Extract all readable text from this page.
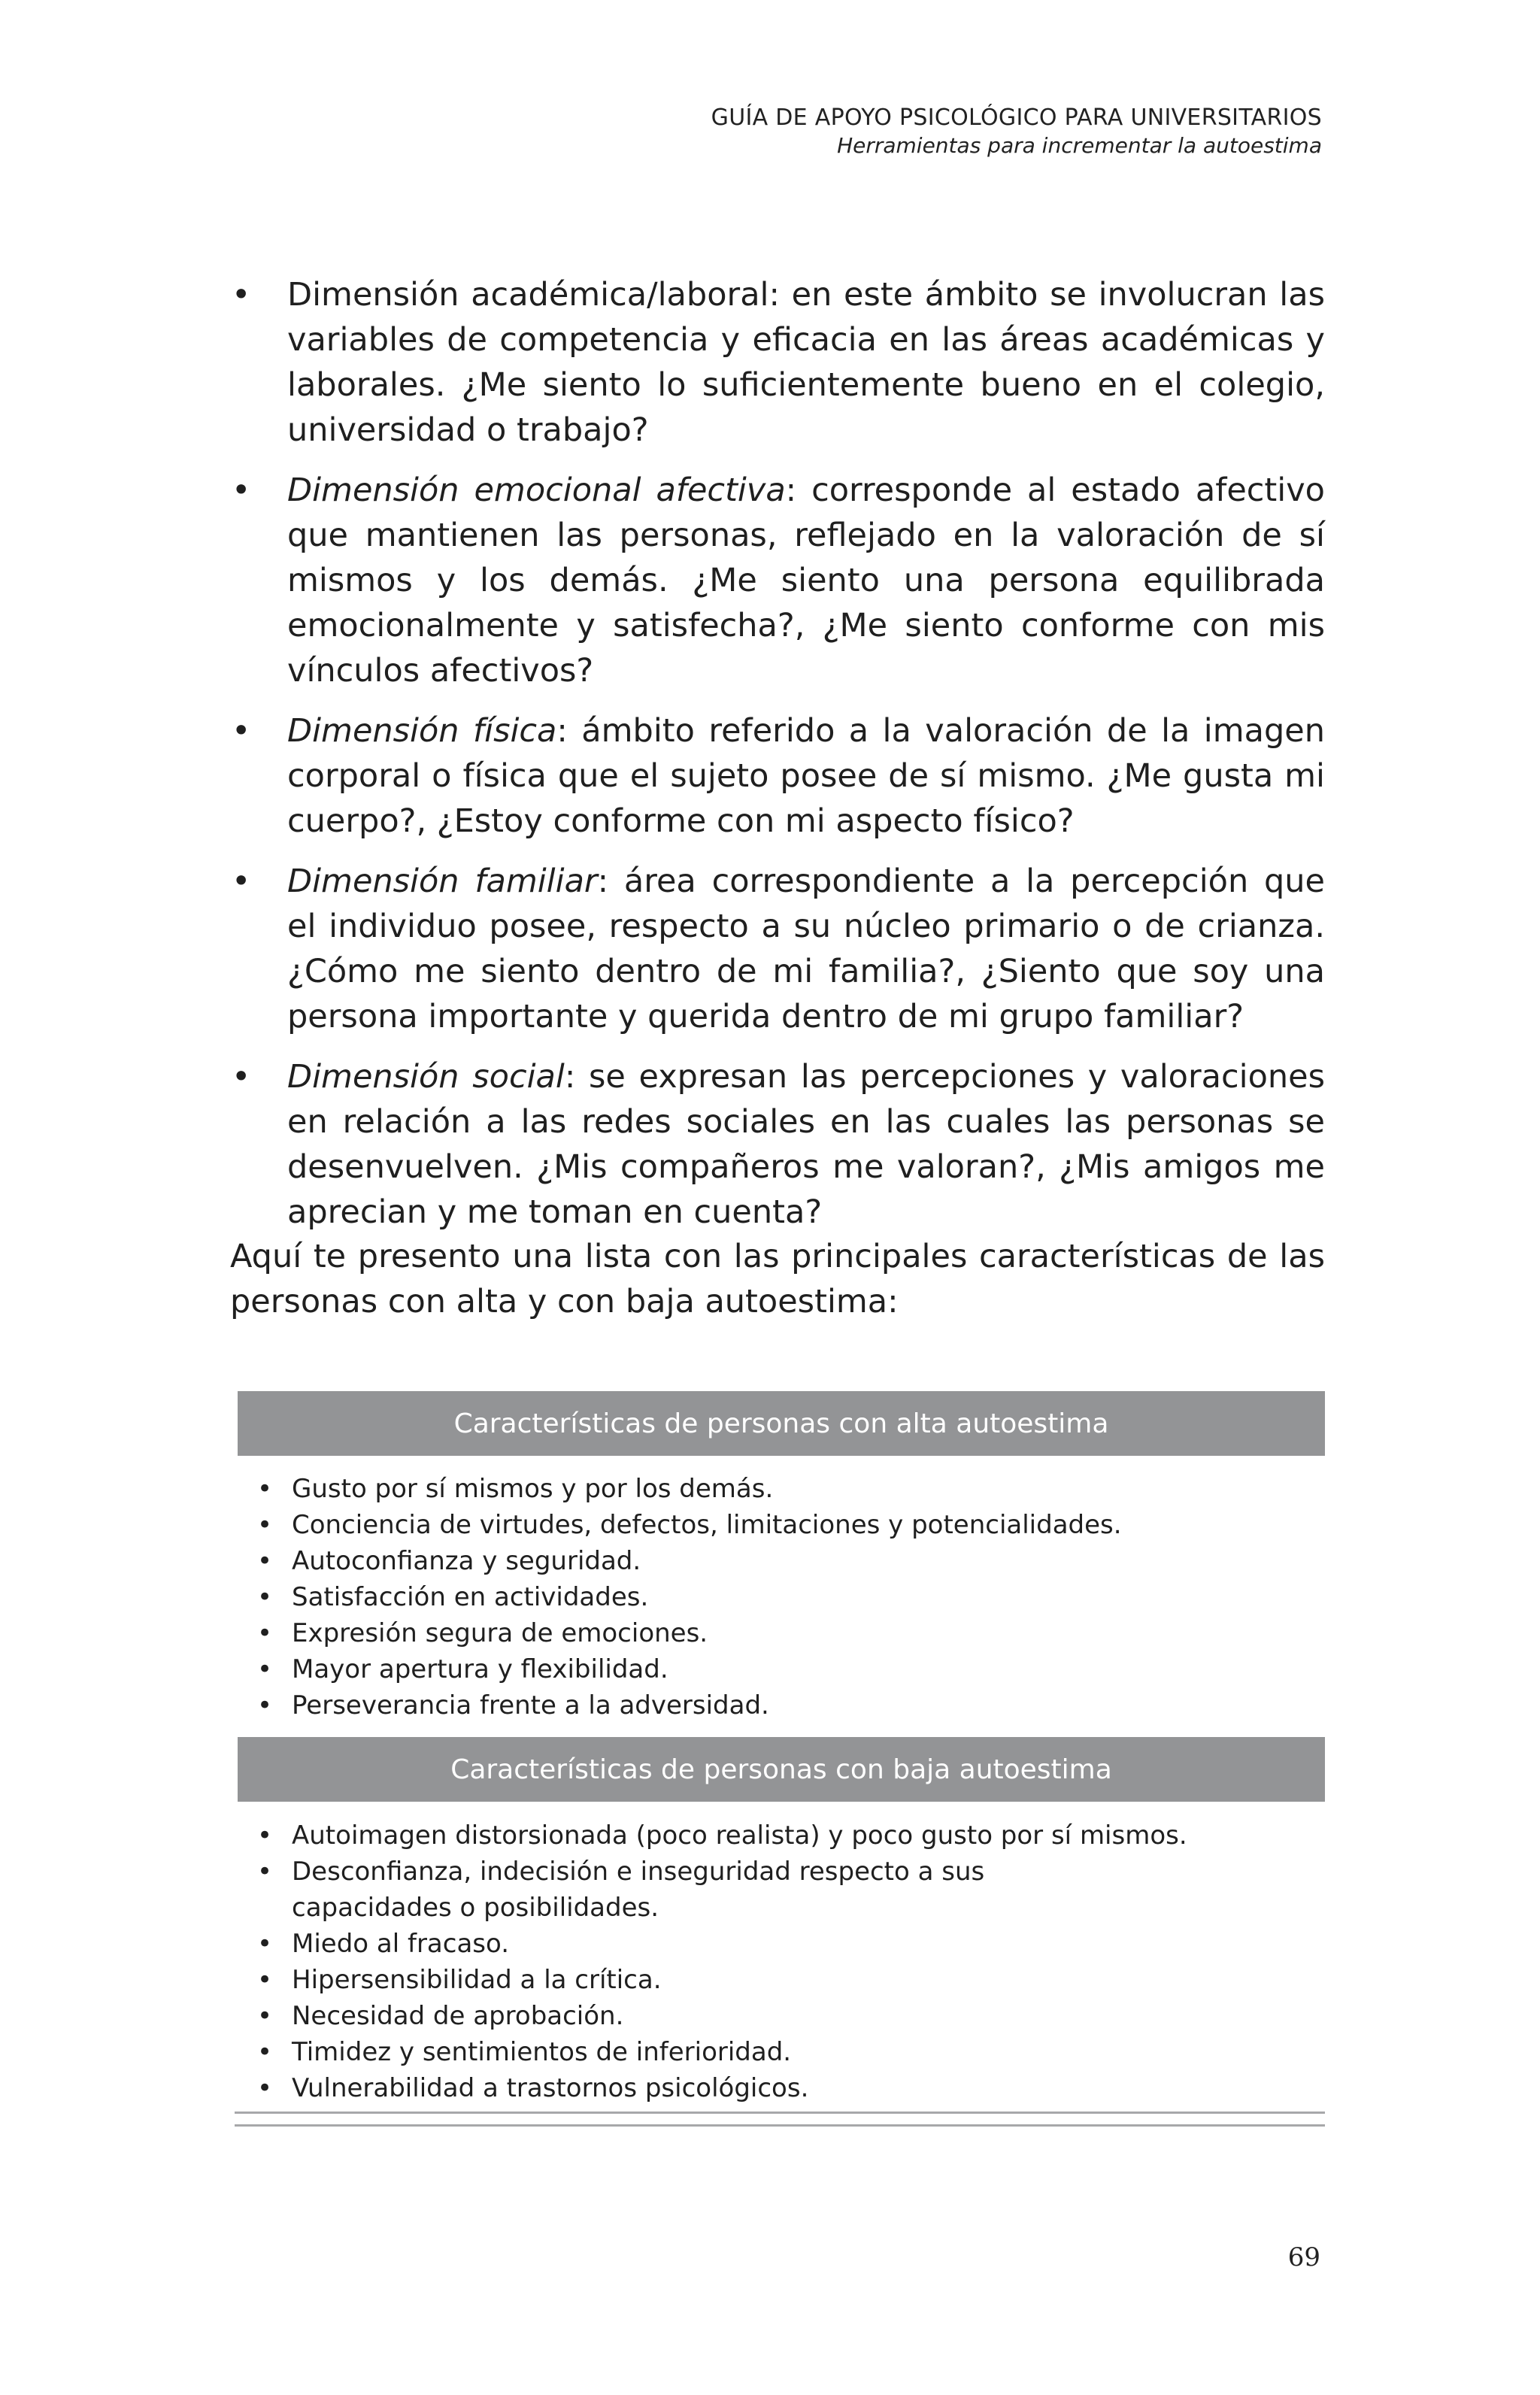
GUÍA DE APOYO PSICOLÓGICO PARA UNIVERSITARIOS
Herramientas para incrementar la autoestima
• Dimensión académica/laboral: en este ámbito se involucran las variables de competencia y eficacia en las áreas académicas y laborales. ¿Me siento lo suficientemente bueno en el colegio, universidad o trabajo?
• Dimensión emocional afectiva: corresponde al estado afectivo que mantienen las personas, reflejado en la valoración de sí mismos y los demás. ¿Me siento una persona equilibrada emocionalmente y satisfecha?, ¿Me siento conforme con mis vínculos afectivos?
• Dimensión física: ámbito referido a la valoración de la imagen corporal o física que el sujeto posee de sí mismo. ¿Me gusta mi cuerpo?, ¿Estoy conforme con mi aspecto físico?
• Dimensión familiar: área correspondiente a la percepción que el individuo posee, respecto a su núcleo primario o de crianza. ¿Cómo me siento dentro de mi familia?, ¿Siento que soy una persona importante y querida dentro de mi grupo familiar?
• Dimensión social: se expresan las percepciones y valoraciones en relación a las redes sociales en las cuales las personas se desenvuelven. ¿Mis compañeros me valoran?, ¿Mis amigos me aprecian y me toman en cuenta?

Aquí te presento una lista con las principales características de las personas con alta y con baja autoestima:

Características de personas con alta autoestima
• Gusto por sí mismos y por los demás.
• Conciencia de virtudes, defectos, limitaciones y potencialidades.
• Autoconfianza y seguridad.
• Satisfacción en actividades.
• Expresión segura de emociones.
• Mayor apertura y flexibilidad.
• Perseverancia frente a la adversidad.
Características de personas con baja autoestima
• Autoimagen distorsionada (poco realista) y poco gusto por sí mismos.
• Desconfianza, indecisión e inseguridad respecto a sus
capacidades o posibilidades.
• Miedo al fracaso.
• Hipersensibilidad a la crítica.
• Necesidad de aprobación.
• Timidez y sentimientos de inferioridad.
• Vulnerabilidad a trastornos psicológicos.
69
